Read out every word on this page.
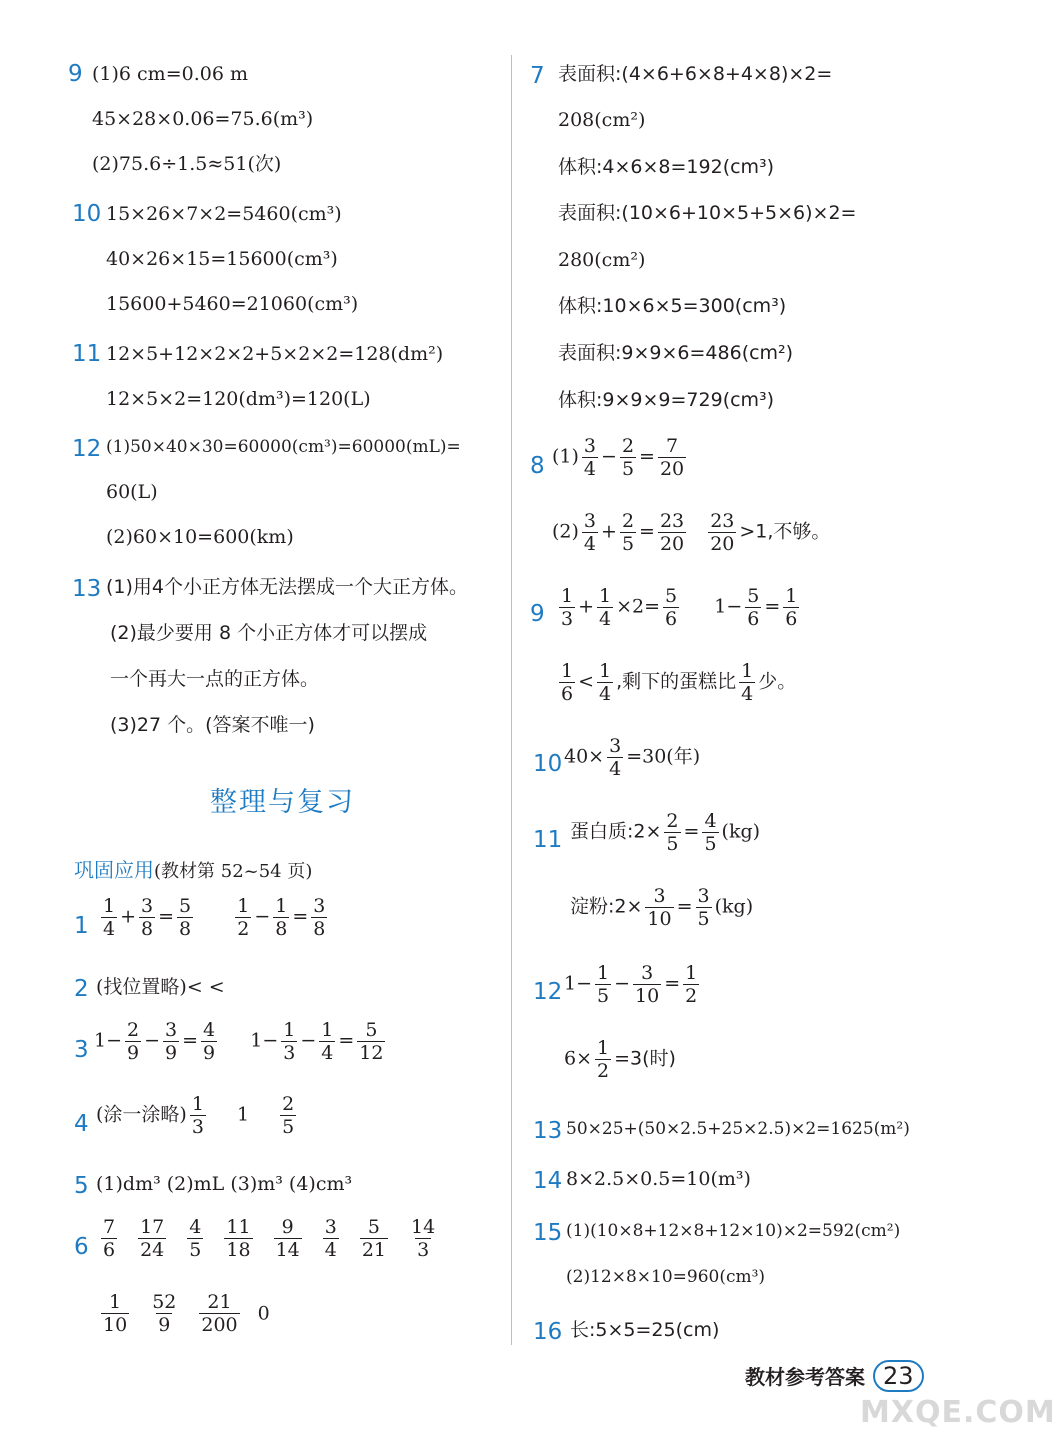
9 (1)6 cm=0.06 m
45×28×0.06=75.6(m³)
(2)75.6÷1.5≈51(次)
10 15×26×7×2=5460(cm³)
40×26×15=15600(cm³)
15600+5460=21060(cm³)
11 12×5+12×2×2+5×2×2=128(dm²)
12×5×2=120(dm³)=120(L)
12 (1)50×40×30=60000(cm³)=60000(mL)=
60(L)
(2)60×10=600(km)
13 (1)用4个小正方体无法摆成一个大正方体。
(2)最少要用 8 个小正方体才可以摆成
一个再大一点的正方体。
(3)27 个。(答案不唯一)
整理与复习
巩固应用(教材第 52~54 页)
$1 \frac{1}{4} + \frac{3}{8} = \frac{5}{8}$
$\frac{1}{2} - \frac{1}{8} = \frac{3}{8}$
2 (找位置略)< <
3 $1- \frac{2}{9} - \frac{3}{9} = \frac{4}{9} 1- \frac{1}{3} - \frac{1}{4} = \frac{5}{12}$
4 (涂一涂略) $\frac{1}{3} 1 \frac{2}{5}$
5 (1)dm³ (2)mL (3)m³ (4)cm³
$6 \frac{7}{6} \frac{17}{24} \frac{4}{5} \frac{11}{18} \frac{9}{14} \frac{3}{4} \frac{5}{21} \frac{14}{3}$
$\frac{1}{10} \frac{52}{9} \frac{21}{200} 0$
7 表面积:(4×6+6×8+4×8)×2=
208(cm²)
体积:4×6×8=192(cm³)
表面积:(10×6+10×5+5×6)×2=
280(cm²)
体积:10×6×5=300(cm³)
表面积:9×9×6=486(cm²)
体积:9×9×9=729(cm³)
8 $(1) \frac{3}{4} - \frac{2}{5} = \frac{7}{20}$
$(2) \frac{3}{4} + \frac{2}{5} = \frac{23}{20}$
$\frac{23}{20} >1$,不够。
$9 \frac{1}{3} + \frac{1}{4} \times 2= \frac{5}{6} 1- \frac{5}{6} = \frac{1}{6}$
$\frac{1}{6} < \frac{1}{4}$ ,剩下的蛋糕比 $\frac{1}{4}$ 少。
10 $40\times \frac{3}{4} =30$(年)
11 蛋白质:2× $\frac{2}{5} = \frac{4}{5} (kg)$
淀粉:2× $\frac{3}{10} = \frac{3}{5} (kg)$
12 $1- \frac{1}{5} - \frac{3}{10} = \frac{1}{2}$
$6\times \frac{1}{2} =3$(时)
13 50×25+(50×2.5+25×2.5)×2=1625(m²)
14 8×2.5×0.5=10(m³)
15 (1)(10×8+12×8+12×10)×2=592(cm²)
(2)12×8×10=960(cm³)
16 长:5×5=25(cm)
教材参考答案 23
MXQE.COM
